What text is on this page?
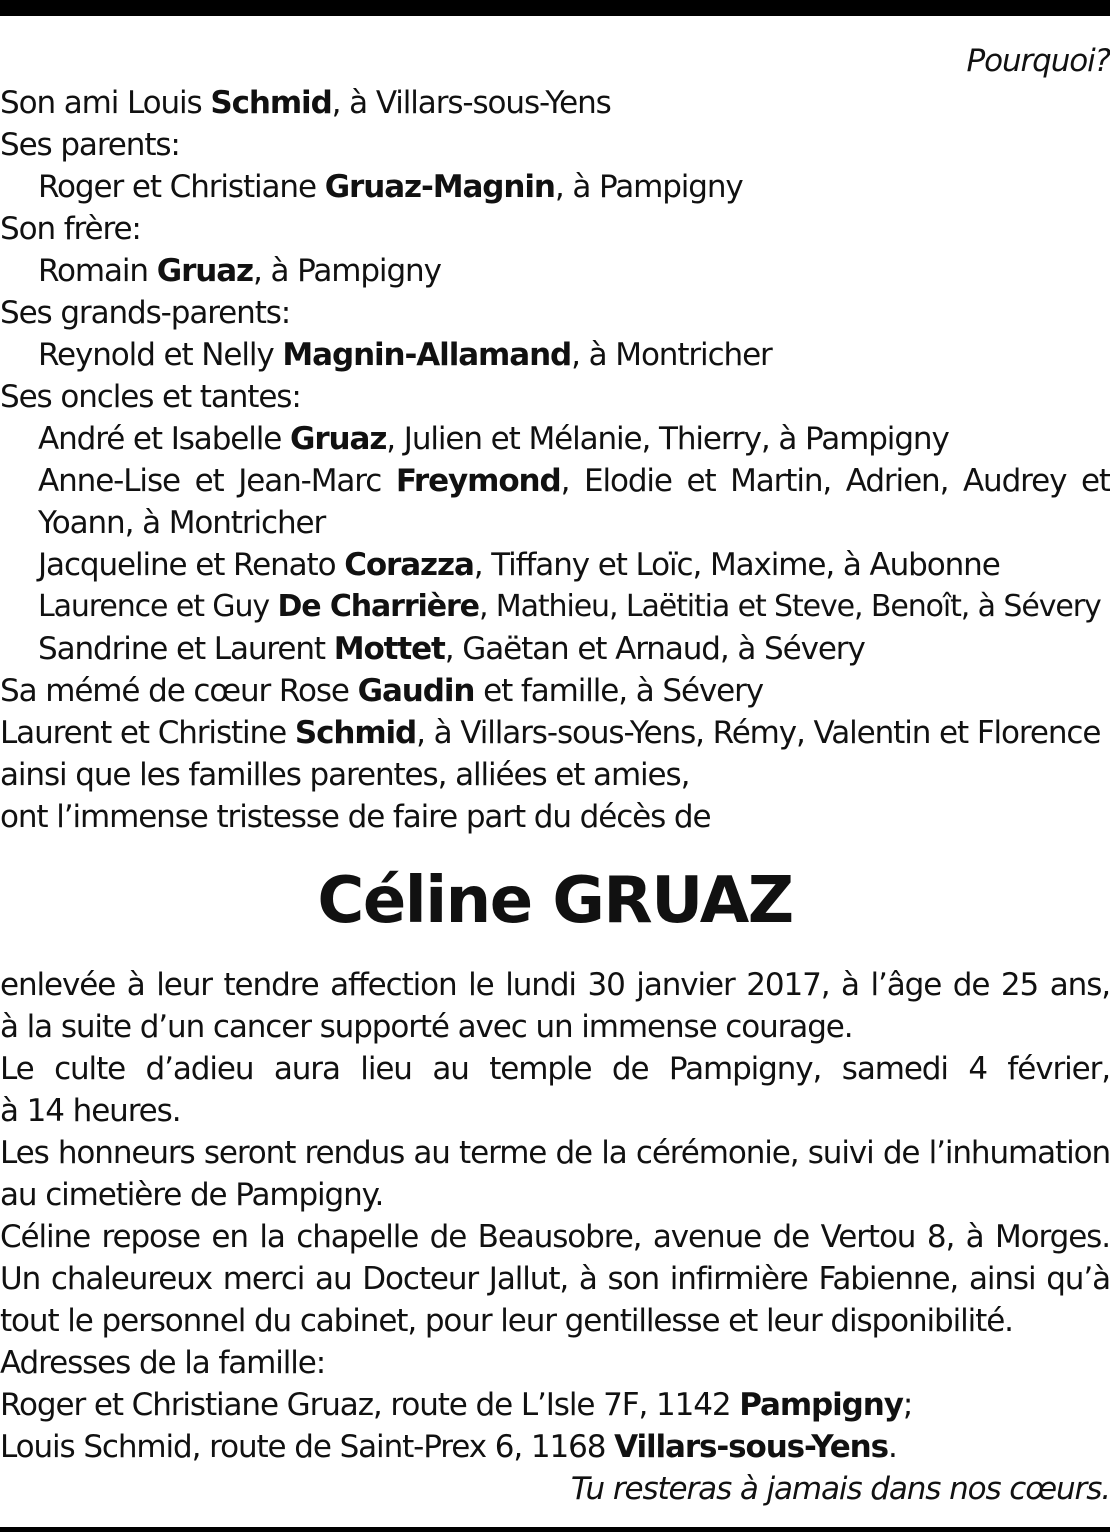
Pourquoi?
Son ami Louis Schmid, à Villars-sous-Yens
Ses parents:
Roger et Christiane Gruaz-Magnin, à Pampigny
Son frère:
Romain Gruaz, à Pampigny
Ses grands-parents:
Reynold et Nelly Magnin-Allamand, à Montricher
Ses oncles et tantes:
André et Isabelle Gruaz, Julien et Mélanie, Thierry, à Pampigny
Anne-Lise et Jean-Marc Freymond, Elodie et Martin, Adrien, Audrey et
Yoann, à Montricher
Jacqueline et Renato Corazza, Tiffany et Loïc, Maxime, à Aubonne
Laurence et Guy De Charrière, Mathieu, Laëtitia et Steve, Benoît, à Sévery
Sandrine et Laurent Mottet, Gaëtan et Arnaud, à Sévery
Sa mémé de cœur Rose Gaudin et famille, à Sévery
Laurent et Christine Schmid, à Villars-sous-Yens, Rémy, Valentin et Florence
ainsi que les familles parentes, alliées et amies,
ont l’immense tristesse de faire part du décès de
Céline GRUAZ
enlevée à leur tendre affection le lundi 30 janvier 2017, à l’âge de 25 ans,
à la suite d’un cancer supporté avec un immense courage.
Le culte d’adieu aura lieu au temple de Pampigny, samedi 4 février,
à 14 heures.
Les honneurs seront rendus au terme de la cérémonie, suivi de l’inhumation
au cimetière de Pampigny.
Céline repose en la chapelle de Beausobre, avenue de Vertou 8, à Morges.
Un chaleureux merci au Docteur Jallut, à son infirmière Fabienne, ainsi qu’à
tout le personnel du cabinet, pour leur gentillesse et leur disponibilité.
Adresses de la famille:
Roger et Christiane Gruaz, route de L’Isle 7F, 1142 Pampigny;
Louis Schmid, route de Saint-Prex 6, 1168 Villars-sous-Yens.
Tu resteras à jamais dans nos cœurs.
